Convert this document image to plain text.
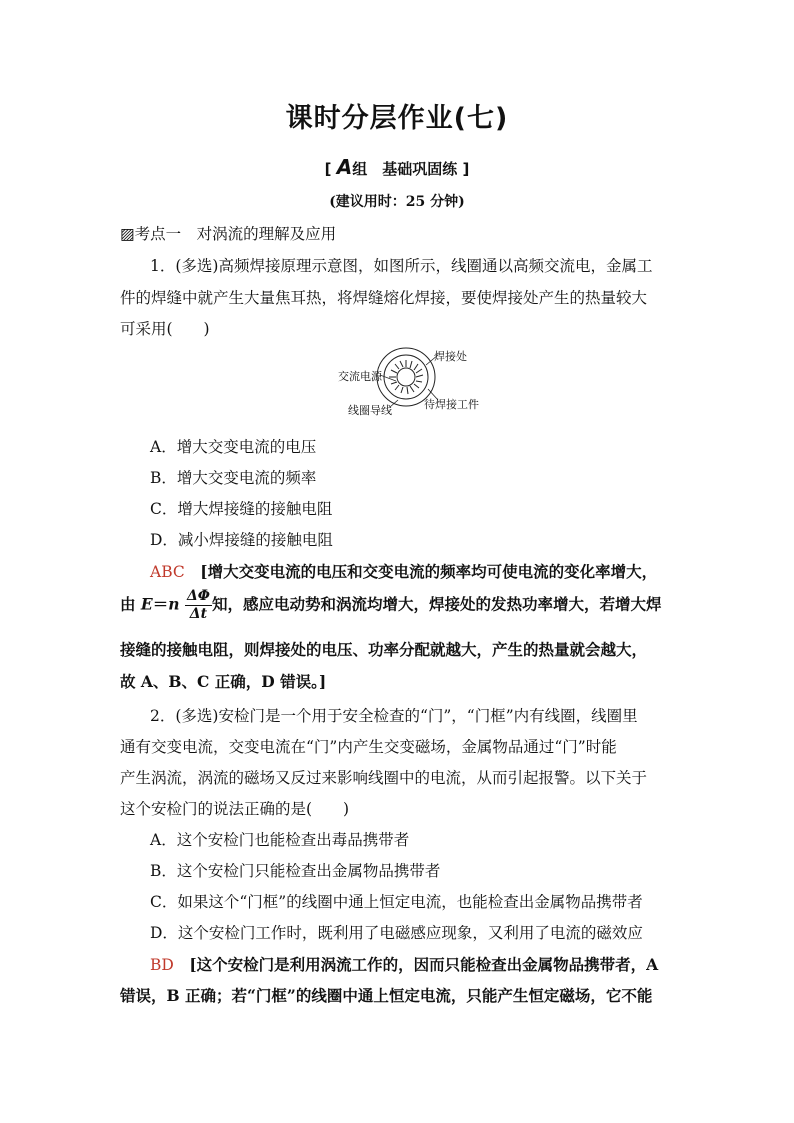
课时分层作业(七)
[ A组　基础巩固练 ]
(建议用时：25 分钟)
▨考点一　对涡流的理解及应用
1．(多选)高频焊接原理示意图，如图所示，线圈通以高频交流电，金属工
件的焊缝中就产生大量焦耳热，将焊缝熔化焊接，要使焊接处产生的热量较大
可采用(　　)
焊接处
交流电源
待焊接工件
线圈导线
A．增大交变电流的电压
B．增大交变电流的频率
C．增大焊接缝的接触电阻
D．减小焊接缝的接触电阻
ABC　[增大交变电流的电压和交变电流的频率均可使电流的变化率增大，
由 $E=n \frac{\Delta\Phi}{\Delta t}$ 知，感应电动势和涡流均增大，焊接处的发热功率增大，若增大焊
接缝的接触电阻，则焊接处的电压、功率分配就越大，产生的热量就会越大，
故 A、B、C 正确，D 错误。]
2．(多选)安检门是一个用于安全检查的“门”，“门框”内有线圈，线圈里
通有交变电流，交变电流在“门”内产生交变磁场，金属物品通过“门”时能
产生涡流，涡流的磁场又反过来影响线圈中的电流，从而引起报警。以下关于
这个安检门的说法正确的是(　　)
A．这个安检门也能检查出毒品携带者
B．这个安检门只能检查出金属物品携带者
C．如果这个“门框”的线圈中通上恒定电流，也能检查出金属物品携带者
D．这个安检门工作时，既利用了电磁感应现象，又利用了电流的磁效应
BD　[这个安检门是利用涡流工作的，因而只能检查出金属物品携带者，A
错误，B 正确；若“门框”的线圈中通上恒定电流，只能产生恒定磁场，它不能
